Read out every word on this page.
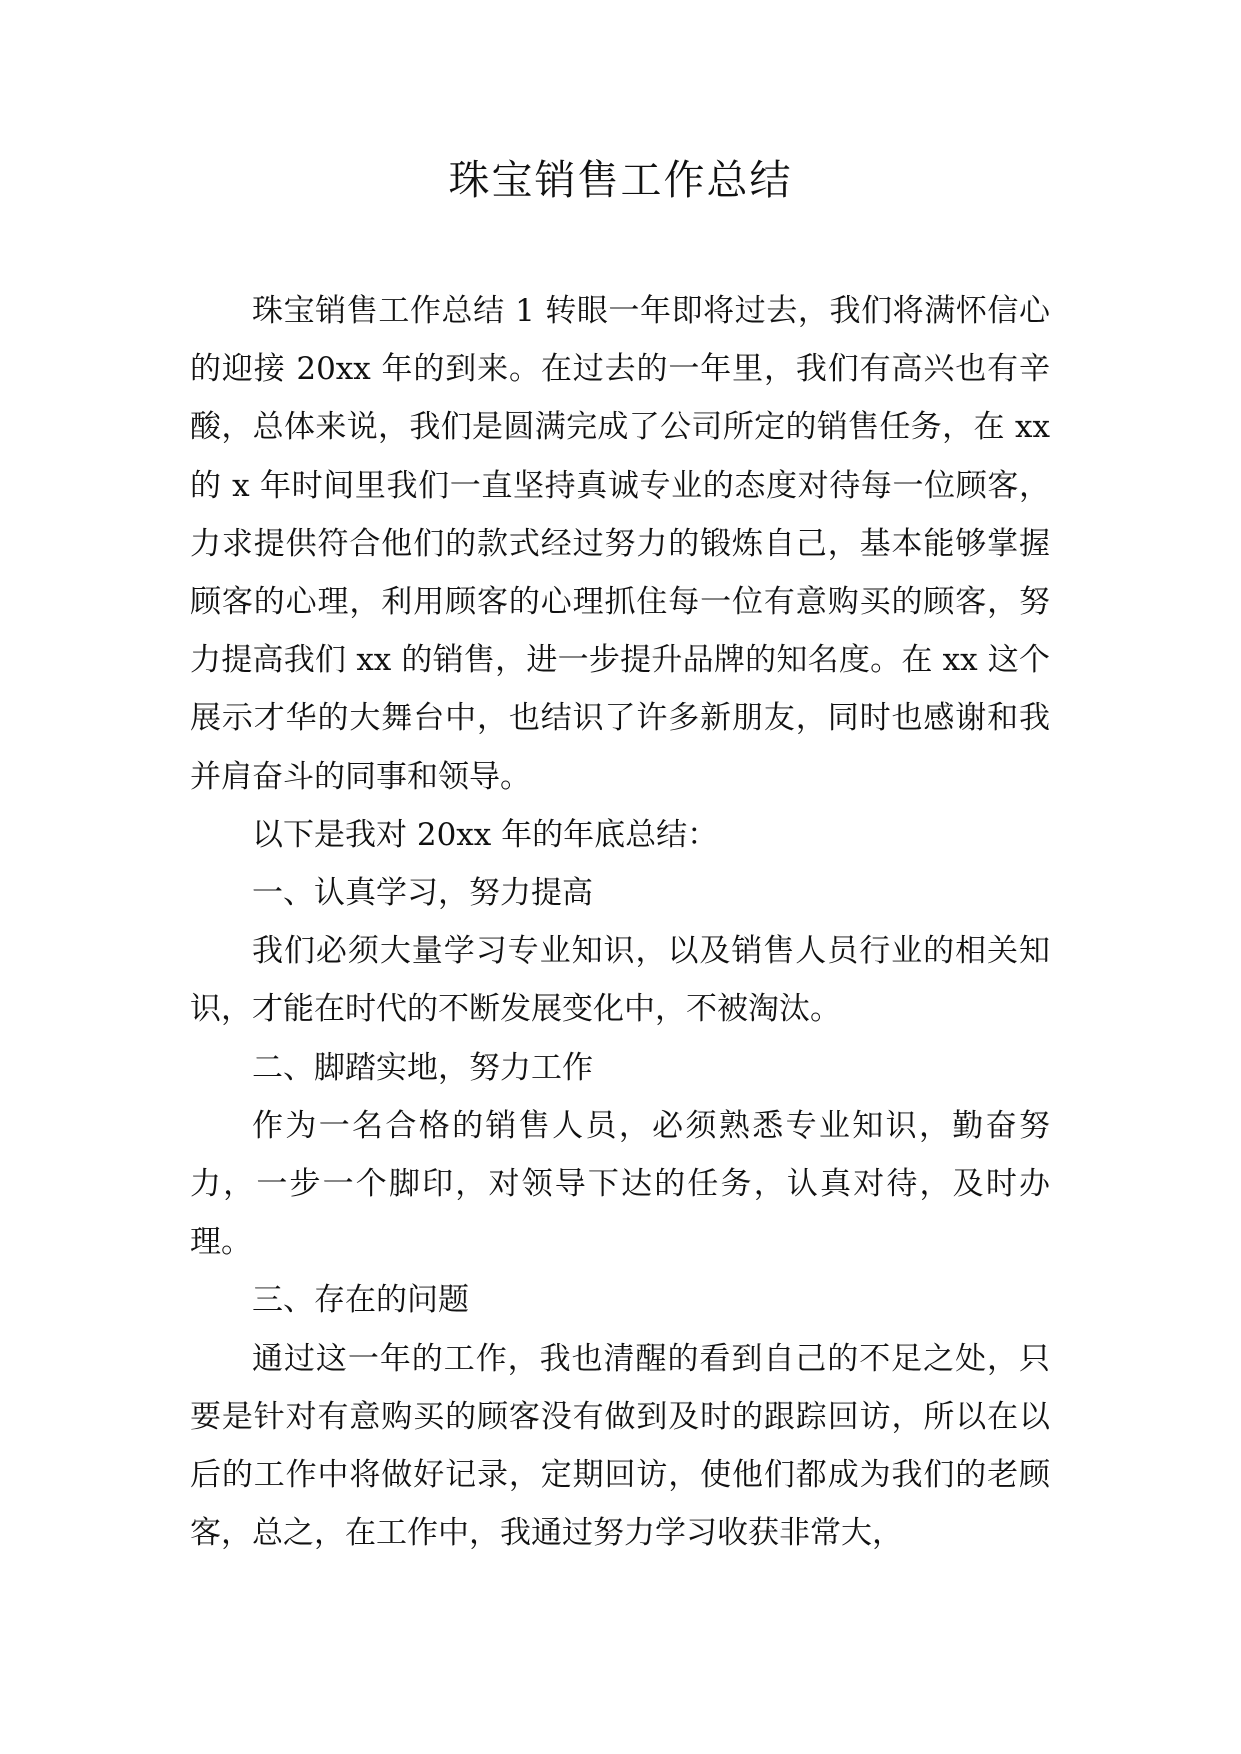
珠宝销售工作总结

珠宝销售工作总结 1 转眼一年即将过去，我们将满怀信心的迎接 20xx 年的到来。在过去的一年里，我们有高兴也有辛酸，总体来说，我们是圆满完成了公司所定的销售任务，在 xx 的 x 年时间里我们一直坚持真诚专业的态度对待每一位顾客，力求提供符合他们的款式经过努力的锻炼自己，基本能够掌握顾客的心理，利用顾客的心理抓住每一位有意购买的顾客，努力提高我们 xx 的销售，进一步提升品牌的知名度。在 xx 这个展示才华的大舞台中，也结识了许多新朋友，同时也感谢和我并肩奋斗的同事和领导。

以下是我对 20xx 年的年底总结：

一、认真学习，努力提高

我们必须大量学习专业知识，以及销售人员行业的相关知识，才能在时代的不断发展变化中，不被淘汰。

二、脚踏实地，努力工作

作为一名合格的销售人员，必须熟悉专业知识，勤奋努力，一步一个脚印，对领导下达的任务，认真对待，及时办理。

三、存在的问题

通过这一年的工作，我也清醒的看到自己的不足之处，只要是针对有意购买的顾客没有做到及时的跟踪回访，所以在以后的工作中将做好记录，定期回访，使他们都成为我们的老顾客，总之，在工作中，我通过努力学习收获非常大，
